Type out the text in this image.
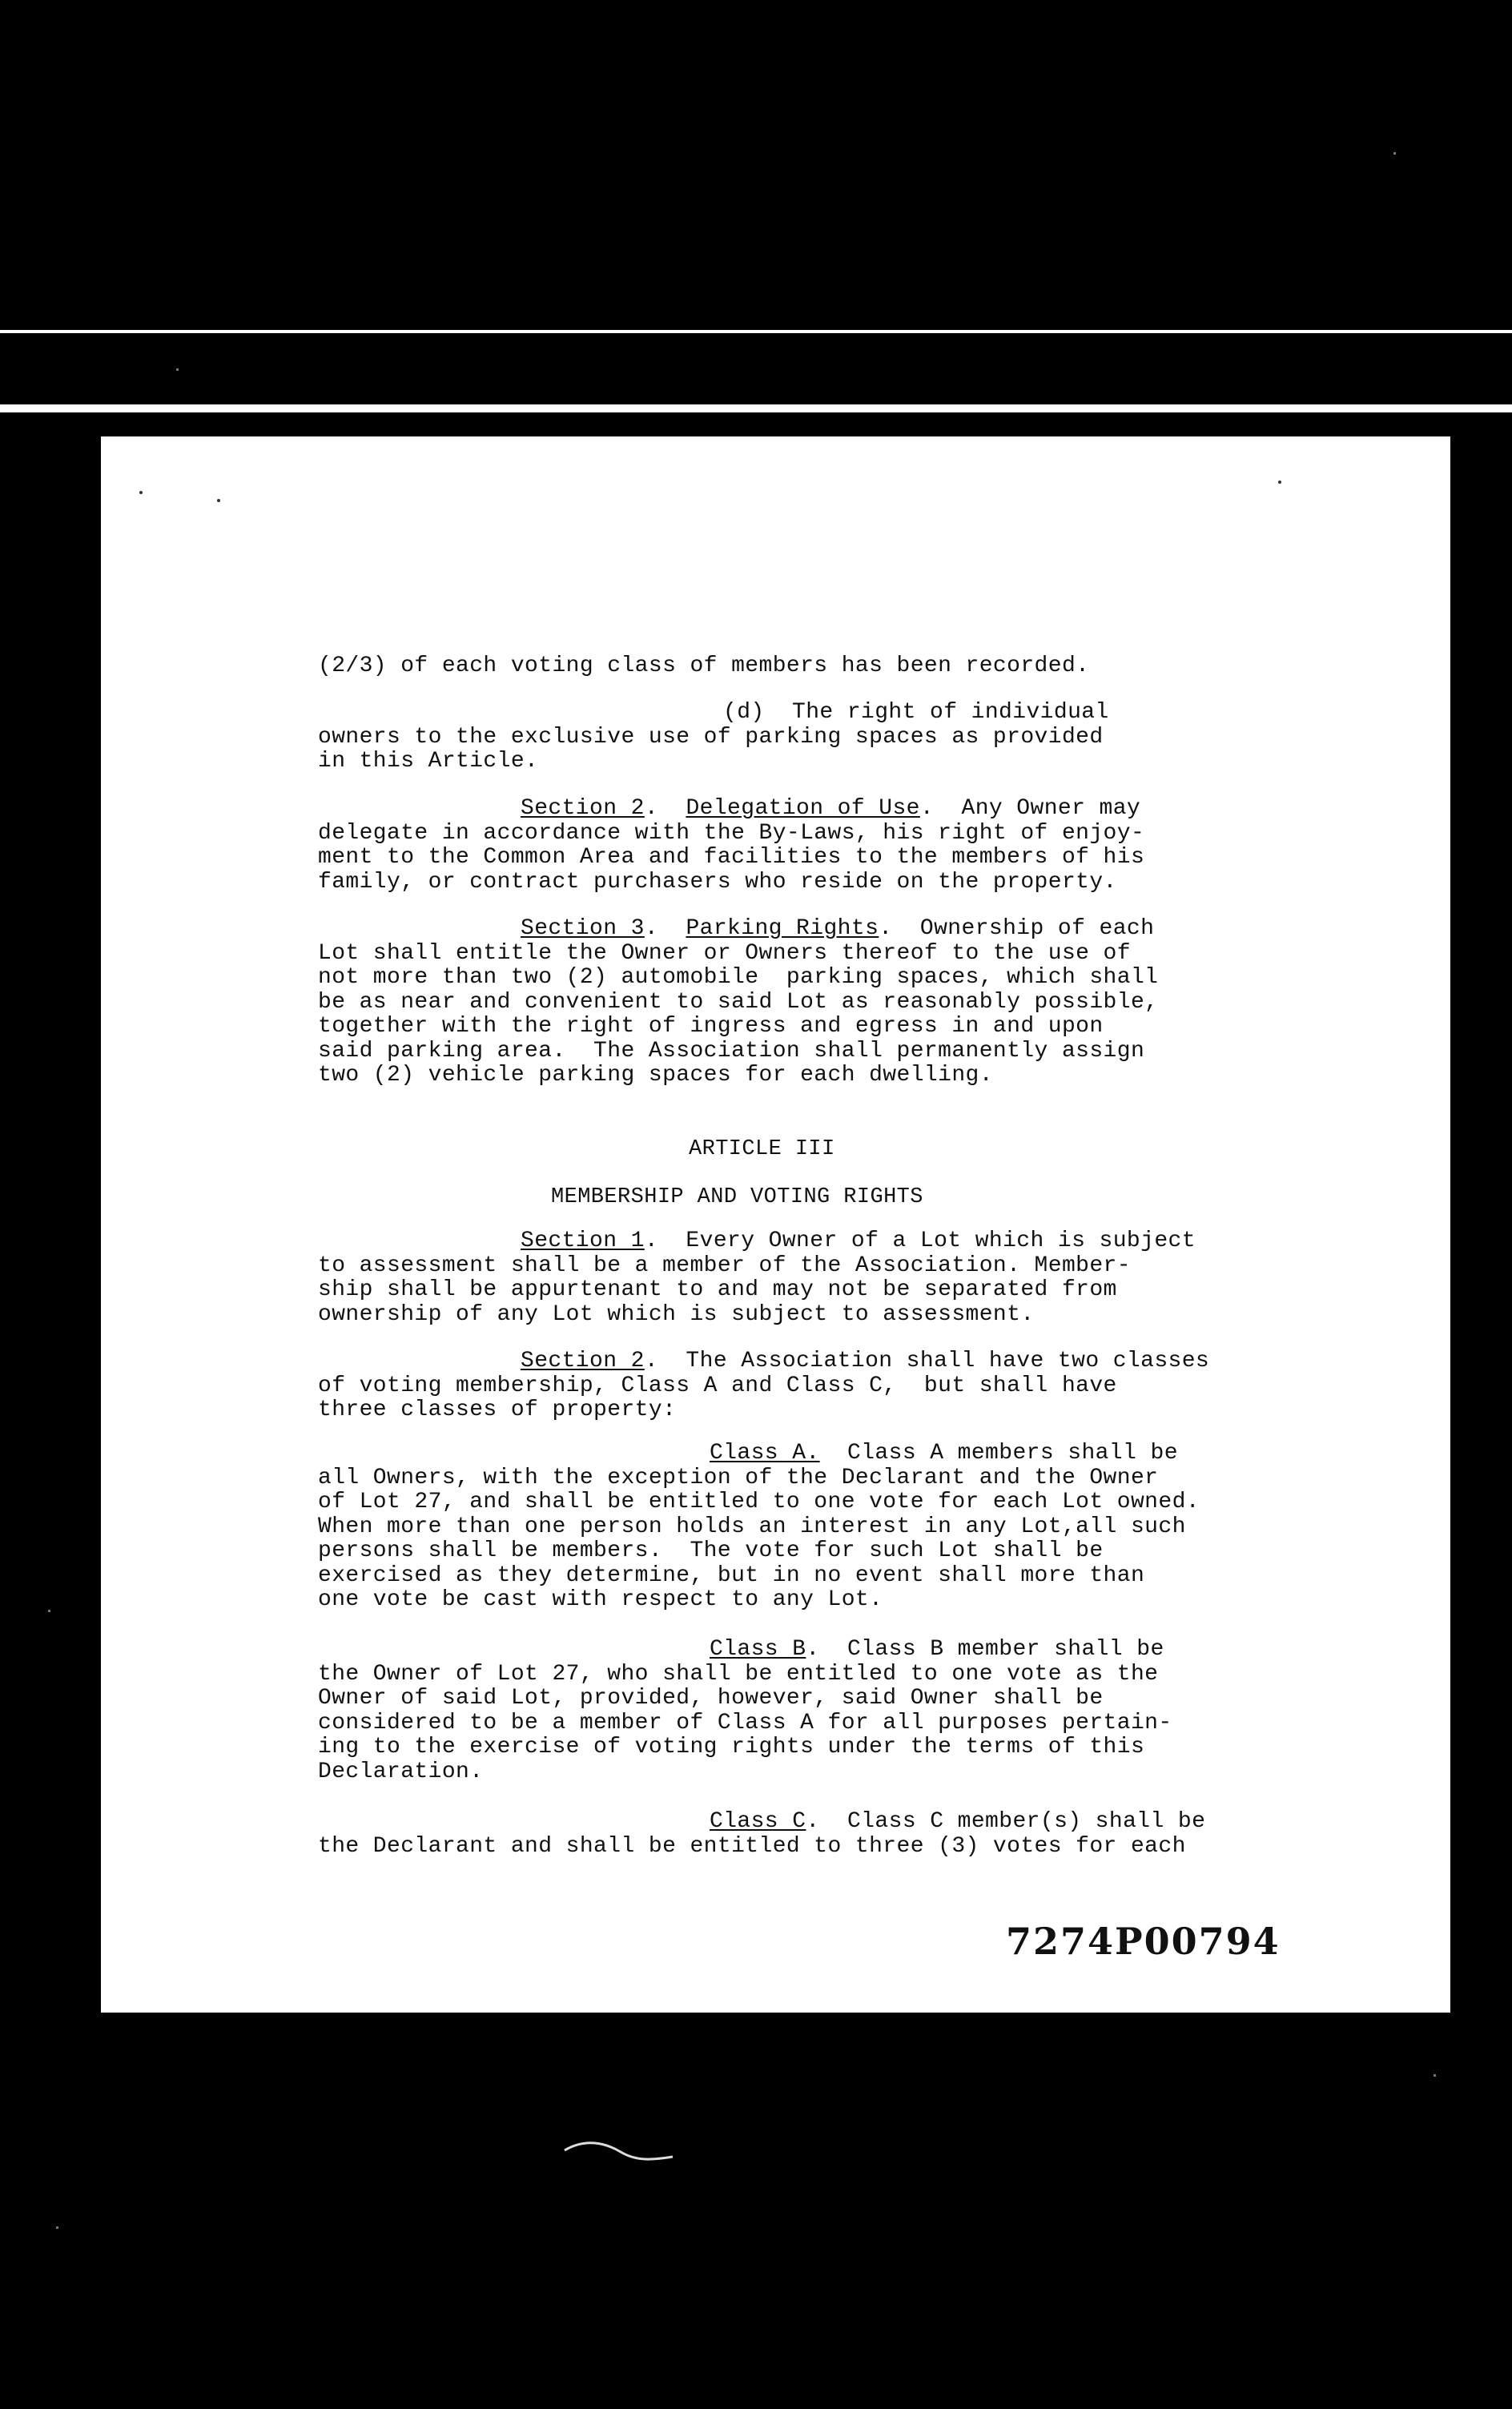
(2/3) of each voting class of members has been recorded.
(d) The right of individual
owners to the exclusive use of parking spaces as provided
in this Article.
Section 2.  Delegation of Use.  Any Owner may
delegate in accordance with the By-Laws, his right of enjoy-
ment to the Common Area and facilities to the members of his
family, or contract purchasers who reside on the property.
Section 3.  Parking Rights.  Ownership of each
Lot shall entitle the Owner or Owners thereof to the use of
not more than two (2) automobile  parking spaces, which shall
be as near and convenient to said Lot as reasonably possible,
together with the right of ingress and egress in and upon
said parking area.  The Association shall permanently assign
two (2) vehicle parking spaces for each dwelling.
ARTICLE III
MEMBERSHIP AND VOTING RIGHTS
Section 1.  Every Owner of a Lot which is subject
to assessment shall be a member of the Association. Member-
ship shall be appurtenant to and may not be separated from
ownership of any Lot which is subject to assessment.
Section 2.  The Association shall have two classes
of voting membership, Class A and Class C,  but shall have
three classes of property:
Class A.  Class A members shall be
all Owners, with the exception of the Declarant and the Owner
of Lot 27, and shall be entitled to one vote for each Lot owned.
When more than one person holds an interest in any Lot,all such
persons shall be members.  The vote for such Lot shall be
exercised as they determine, but in no event shall more than
one vote be cast with respect to any Lot.
Class B.  Class B member shall be
the Owner of Lot 27, who shall be entitled to one vote as the
Owner of said Lot, provided, however, said Owner shall be
considered to be a member of Class A for all purposes pertain-
ing to the exercise of voting rights under the terms of this
Declaration.
Class C.  Class C member(s) shall be
the Declarant and shall be entitled to three (3) votes for each
7274P00794
